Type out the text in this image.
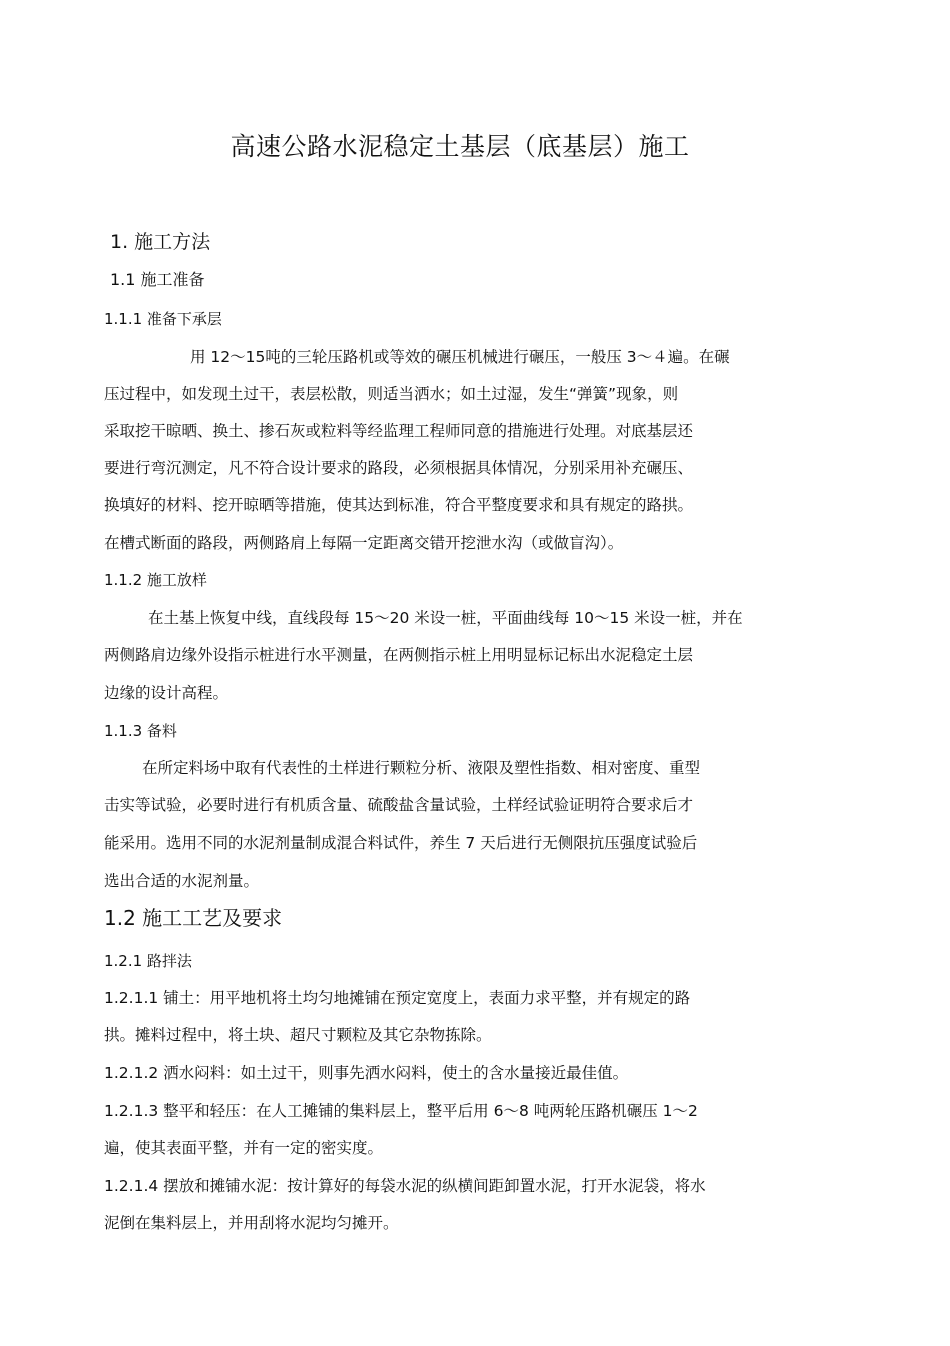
高速公路水泥稳定土基层（底基层）施工
1. 施工方法
1.1 施工准备
1.1.1 准备下承层
用 12～15吨的三轮压路机或等效的碾压机械进行碾压，一般压 3～４遍。在碾
压过程中，如发现土过干，表层松散，则适当洒水；如土过湿，发生“弹簧”现象，则
采取挖干晾晒、换土、掺石灰或粒料等经监理工程师同意的措施进行处理。对底基层还
要进行弯沉测定，凡不符合设计要求的路段，必须根据具体情况，分别采用补充碾压、
换填好的材料、挖开晾晒等措施，使其达到标准，符合平整度要求和具有规定的路拱。
在槽式断面的路段，两侧路肩上每隔一定距离交错开挖泄水沟（或做盲沟）。
1.1.2 施工放样
在土基上恢复中线，直线段每 15～20 米设一桩，平面曲线每 10～15 米设一桩，并在
两侧路肩边缘外设指示桩进行水平测量，在两侧指示桩上用明显标记标出水泥稳定土层
边缘的设计高程。
1.1.3 备料
在所定料场中取有代表性的土样进行颗粒分析、液限及塑性指数、相对密度、重型
击实等试验，必要时进行有机质含量、硫酸盐含量试验，土样经试验证明符合要求后才
能采用。选用不同的水泥剂量制成混合料试件，养生 7 天后进行无侧限抗压强度试验后
选出合适的水泥剂量。
1.2 施工工艺及要求
1.2.1 路拌法
1.2.1.1 铺土：用平地机将土均匀地摊铺在预定宽度上，表面力求平整，并有规定的路
拱。摊料过程中，将土块、超尺寸颗粒及其它杂物拣除。
1.2.1.2 洒水闷料：如土过干，则事先洒水闷料，使土的含水量接近最佳值。
1.2.1.3 整平和轻压：在人工摊铺的集料层上，整平后用 6～8 吨两轮压路机碾压 1～2
遍，使其表面平整，并有一定的密实度。
1.2.1.4 摆放和摊铺水泥：按计算好的每袋水泥的纵横间距卸置水泥，打开水泥袋，将水
泥倒在集料层上，并用刮将水泥均匀摊开。
